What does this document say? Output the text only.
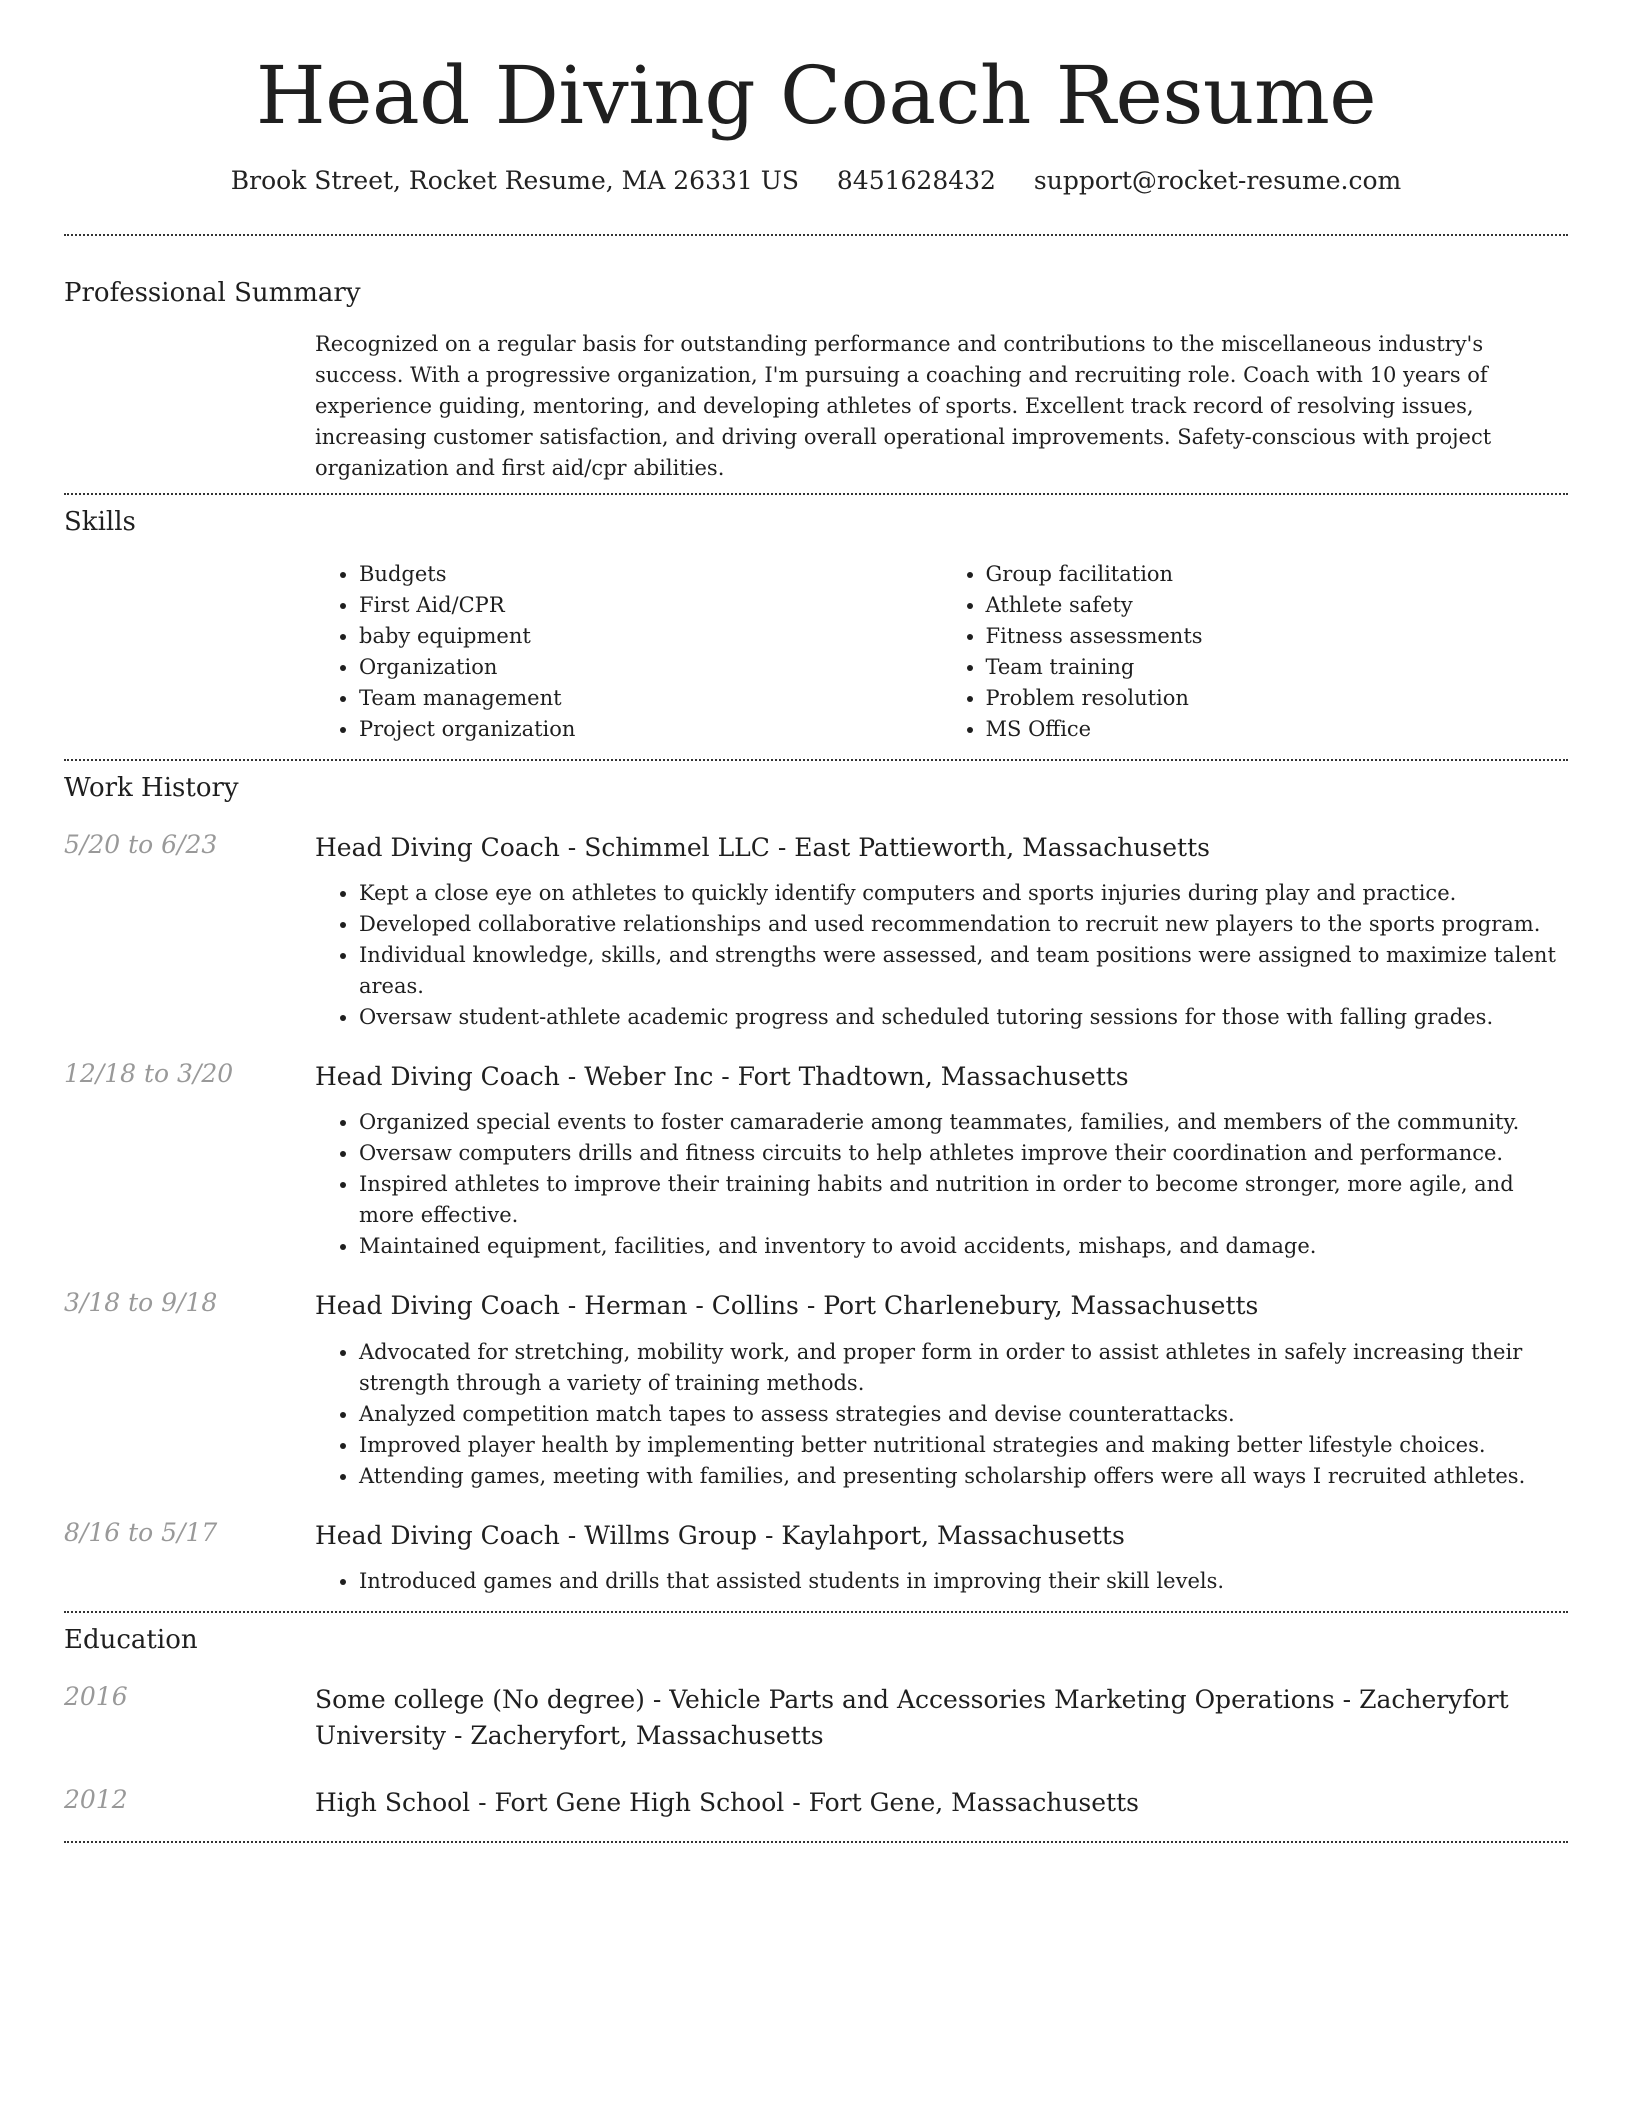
Head Diving Coach Resume
Brook Street, Rocket Resume, MA 26331 US 8451628432 support@rocket-resume.com
Professional Summary

Recognized on a regular basis for outstanding performance and contributions to the miscellaneous industry's success. With a progressive organization, I'm pursuing a coaching and recruiting role. Coach with 10 years of experience guiding, mentoring, and developing athletes of sports. Excellent track record of resolving issues, increasing customer satisfaction, and driving overall operational improvements. Safety-conscious with project organization and first aid/cpr abilities.

Skills
• Budgets
• First Aid/CPR
• baby equipment
• Organization
• Team management
• Project organization
• Group facilitation
• Athlete safety
• Fitness assessments
• Team training
• Problem resolution
• MS Office
Work History
5/20 to 6/23	Head Diving Coach - Schimmel LLC - East Pattieworth, Massachusetts
• Kept a close eye on athletes to quickly identify computers and sports injuries during play and practice.
• Developed collaborative relationships and used recommendation to recruit new players to the sports program.
• Individual knowledge, skills, and strengths were assessed, and team positions were assigned to maximize talent areas.
• Oversaw student-athlete academic progress and scheduled tutoring sessions for those with falling grades.
12/18 to 3/20	Head Diving Coach - Weber Inc - Fort Thadtown, Massachusetts
• Organized special events to foster camaraderie among teammates, families, and members of the community.
• Oversaw computers drills and fitness circuits to help athletes improve their coordination and performance.
• Inspired athletes to improve their training habits and nutrition in order to become stronger, more agile, and more effective.
• Maintained equipment, facilities, and inventory to avoid accidents, mishaps, and damage.
3/18 to 9/18	Head Diving Coach - Herman - Collins - Port Charlenebury, Massachusetts
• Advocated for stretching, mobility work, and proper form in order to assist athletes in safely increasing their strength through a variety of training methods.
• Analyzed competition match tapes to assess strategies and devise counterattacks.
• Improved player health by implementing better nutritional strategies and making better lifestyle choices.
• Attending games, meeting with families, and presenting scholarship offers were all ways I recruited athletes.
8/16 to 5/17	Head Diving Coach - Willms Group - Kaylahport, Massachusetts
• Introduced games and drills that assisted students in improving their skill levels.
Education
2016	Some college (No degree) - Vehicle Parts and Accessories Marketing Operations - Zacheryfort University - Zacheryfort, Massachusetts
2012	High School - Fort Gene High School - Fort Gene, Massachusetts
